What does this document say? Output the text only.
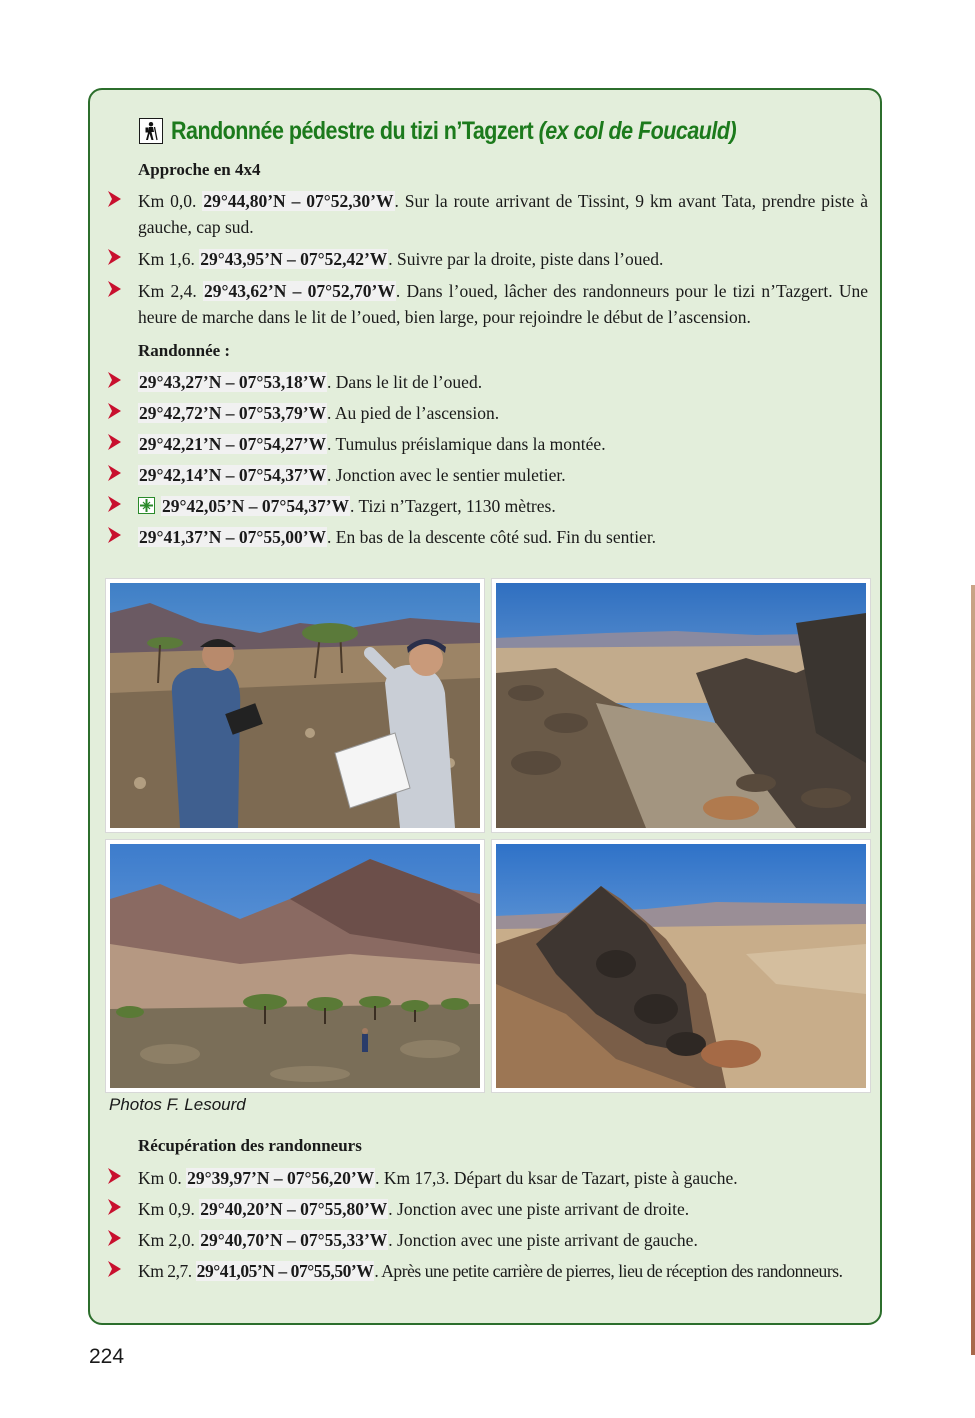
Randonnée pédestre du tizi n’Tagzert (ex col de Foucauld)
Approche en 4x4
Km 0,0. 29°44,80’N – 07°52,30’W. Sur la route arrivant de Tissint, 9 km avant Tata, prendre piste à gauche, cap sud.
Km 1,6. 29°43,95’N – 07°52,42’W. Suivre par la droite, piste dans l’oued.
Km 2,4. 29°43,62’N – 07°52,70’W. Dans l’oued, lâcher des randonneurs pour le tizi n’Tazgert. Une heure de marche dans le lit de l’oued, bien large, pour rejoindre le début de l’ascension.
Randonnée :
29°43,27’N – 07°53,18’W. Dans le lit de l’oued.
29°42,72’N – 07°53,79’W. Au pied de l’ascension.
29°42,21’N – 07°54,27’W. Tumulus préislamique dans la montée.
29°42,14’N – 07°54,37’W. Jonction avec le sentier muletier.
29°42,05’N – 07°54,37’W. Tizi n’Tazgert, 1130 mètres.
29°41,37’N – 07°55,00’W. En bas de la descente côté sud. Fin du sentier.
Photos F. Lesourd
Récupération des randonneurs
Km 0. 29°39,97’N – 07°56,20’W. Km 17,3. Départ du ksar de Tazart, piste à gauche.
Km 0,9. 29°40,20’N – 07°55,80’W. Jonction avec une piste arrivant de droite.
Km 2,0. 29°40,70’N – 07°55,33’W. Jonction avec une piste arrivant de gauche.
Km 2,7. 29°41,05’N – 07°55,50’W. Après une petite carrière de pierres, lieu de réception des randonneurs.
224
